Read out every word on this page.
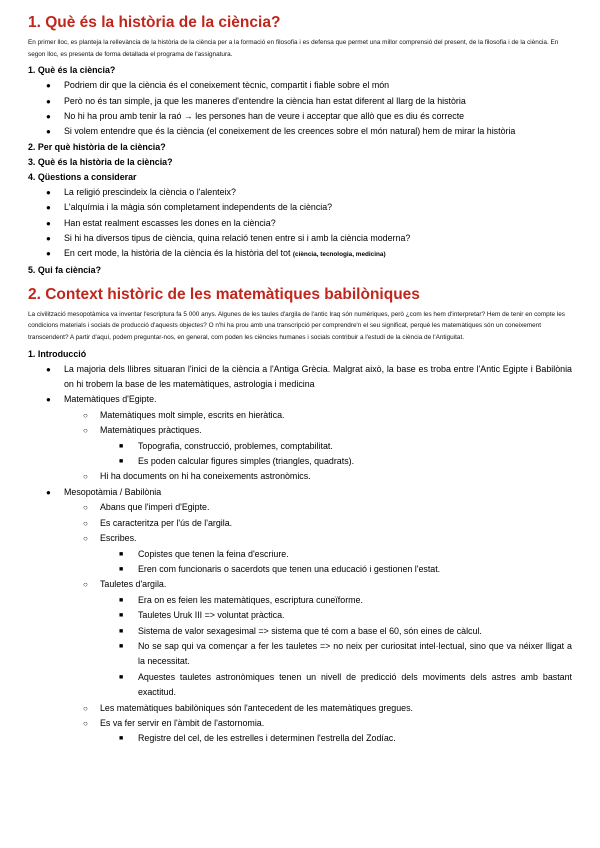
1. Què és la història de la ciència?

En primer lloc, es planteja la rellevància de la història de la ciència per a la formació en filosofia i es defensa que permet una millor comprensió del present, de la filosofia i de la ciència. En segon lloc, es presenta de forma detallada el programa de l'assignatura.

1. Què és la ciència?

● Podriem dir que la ciència és el coneixement tècnic, compartit i fiable sobre el món
● Però no és tan simple, ja que les maneres d'entendre la ciència han estat diferent al llarg de la història
● No hi ha prou amb tenir la raó → les persones han de veure i acceptar que allò que es diu és correcte
● Si volem entendre que és la ciència (el coneixement de les creences sobre el món natural) hem de mirar la història

2. Per què història de la ciència?

3. Què és la història de la ciència?

4. Qüestions a considerar

● La religió prescindeix la ciència o l'alenteix?
● L'alquímia i la màgia són completament independents de la ciència?
● Han estat realment escasses les dones en la ciència?
● Si hi ha diversos tipus de ciència, quina relació tenen entre si i amb la ciència moderna?
● En cert mode, la història de la ciència és la història del tot (ciència, tecnologia, medicina)

5. Qui fa ciència?

2. Context històric de les matemàtiques babilòniques

La civilització mesopotàmica va inventar l'escriptura fa 5 000 anys. Algunes de les taules d'argila de l'antic Iraq són numèriques, però ¿com les hem d'interpretar? Hem de tenir en compte les condicions materials i socials de producció d'aquests objectes? O n'hi ha prou amb una transcripció per comprendre'n el seu significat, perquè les matemàtiques són un coneixement transcendent? A partir d'aquí, podem preguntar-nos, en general, com poden les ciències humanes i socials contribuir a l'estudi de la ciència de l'Antiguitat.

1. Introducció

● La majoria dels llibres situaran l'inici de la ciència a l'Antiga Grècia. Malgrat això, la base es troba entre l'Antic Egipte i Babilònia on hi trobem la base de les matemàtiques, astrologia i medicina
● Matemàtiques d'Egipte.
○ Matemàtiques molt simple, escrits en hieràtica.
○ Matemàtiques pràctiques.
■ Topografia, construcció, problemes, comptabilitat.
■ Es poden calcular figures simples (triangles, quadrats).
○ Hi ha documents on hi ha coneixements astronòmics.
● Mesopotàmia / Babilònia
○ Abans que l'imperi d'Egipte.
○ Es caracteritza per l'ús de l'argila.
○ Escribes.
■ Copistes que tenen la feina d'escriure.
■ Eren com funcionaris o sacerdots que tenen una educació i gestionen l'estat.
○ Tauletes d'argila.
■ Era on es feien les matemàtiques, escriptura cuneïforme.
■ Tauletes Uruk III => voluntat pràctica.
■ Sistema de valor sexagesimal => sistema que té com a base el 60, són eines de càlcul.
■ No se sap qui va començar a fer les tauletes => no neix per curiositat intel·lectual, sino que va néixer lligat a la necessitat.
■ Aquestes tauletes astronòmiques tenen un nivell de predicció dels moviments dels astres amb bastant exactitud.
○ Les matemàtiques babilòniques són l'antecedent de les matemàtiques gregues.
○ Es va fer servir en l'àmbit de l'astornomia.
■ Registre del cel, de les estrelles i determinen l'estrella del Zodíac.
